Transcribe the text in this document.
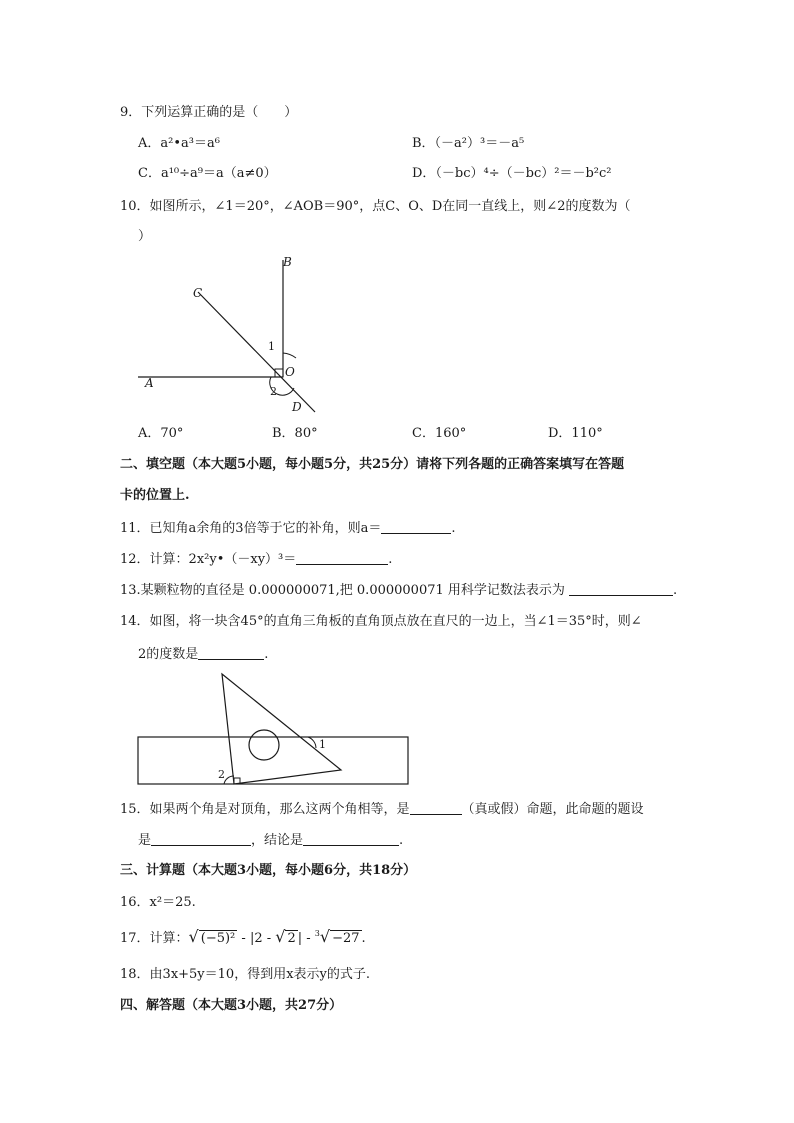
9．下列运算正确的是（　　）
A．a²•a³＝a⁶	B．（－a²）³＝－a⁵
C．a¹⁰÷a⁹＝a（a≠0）	D．（－bc）⁴÷（－bc）²＝－b²c²
10．如图所示，∠1＝20°，∠AOB＝90°，点C、O、D在同一直线上，则∠2的度数为（
）
B
C
A
O
D
1
2
A．70°	B．80°	C．160°	D．110°
二、填空题（本大题5小题，每小题5分，共25分）请将下列各题的正确答案填写在答题
卡的位置上.
11．已知角a余角的3倍等于它的补角，则a＝	.
12．计算：2x²y•（－xy）³＝	.
13.某颗粒物的直径是 0.000000071,把 0.000000071 用科学记数法表示为	.
14．如图，将一块含45°的直角三角板的直角顶点放在直尺的一边上，当∠1＝35°时，则∠
2的度数是	.
1
2
15．如果两个角是对顶角，那么这两个角相等，是	（真或假）命题，此命题的题设
是	，结论是	.
三、计算题（本大题3小题，每小题6分，共18分）
16．x²＝25.
17．计算：√ (−5)² - |2 - √ 2 | - $^3$√ −27 .
18．由3x+5y＝10，得到用x表示y的式子.
四、解答题（本大题3小题，共27分）
